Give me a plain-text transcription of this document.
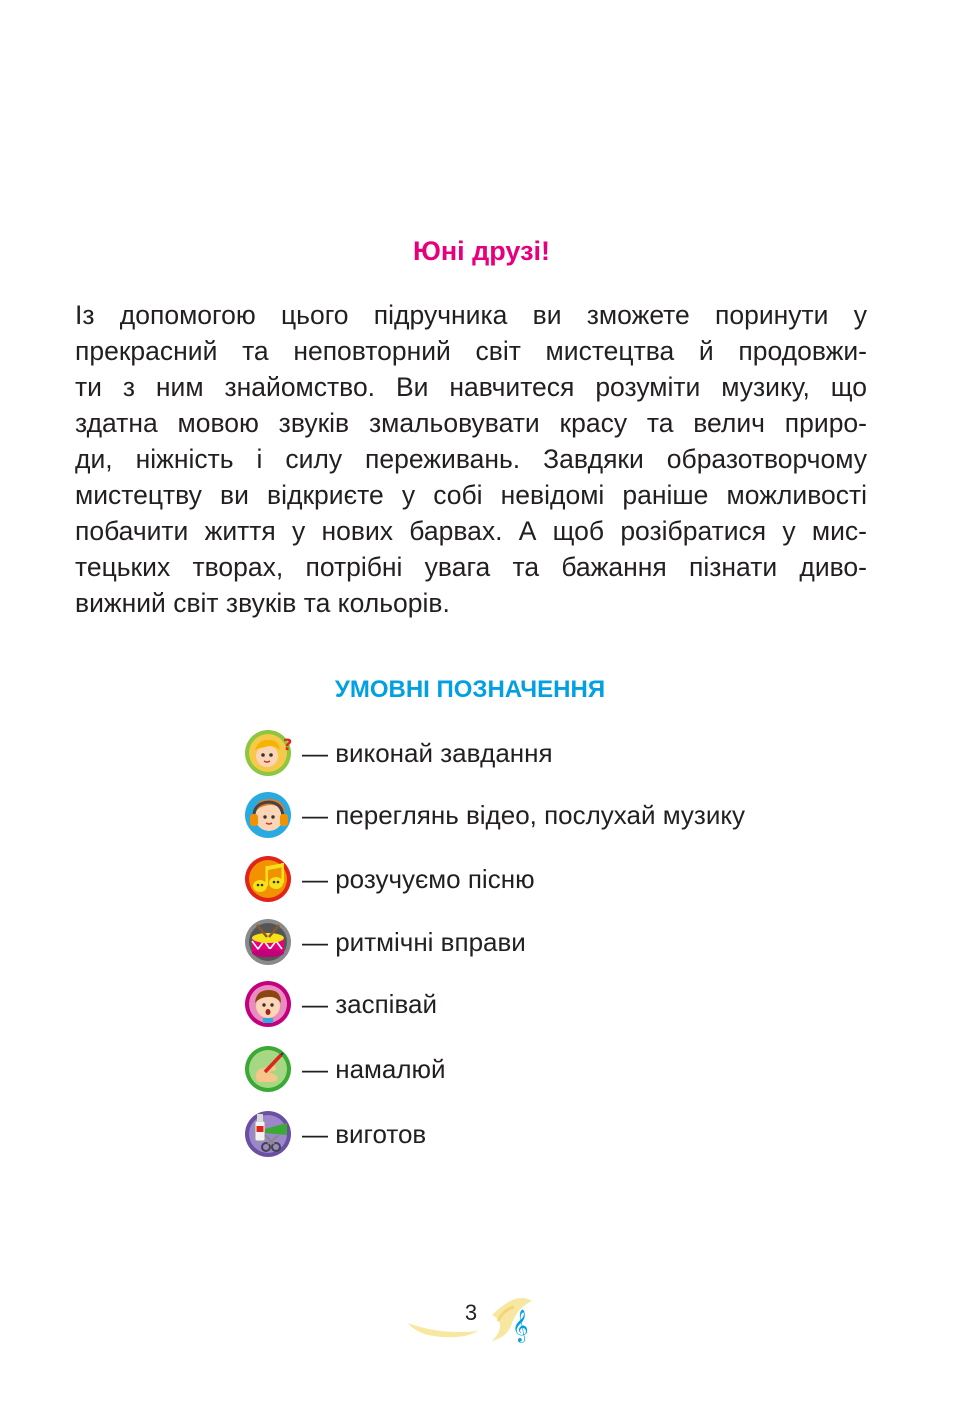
Юні друзі!
Із допомогою цього підручника ви зможете поринути у
прекрасний та неповторний світ мистецтва й продовжи-
ти з ним знайомство. Ви навчитеся розуміти музику, що
здатна мовою звуків змальовувати красу та велич приро-
ди, ніжність і силу переживань. Завдяки образотворчому
мистецтву ви відкриєте у собі невідомі раніше можливості
побачити життя у нових барвах. А щоб розібратися у мис-
тецьких творах, потрібні увага та бажання пізнати диво-
вижний світ звуків та кольорів.
УМОВНІ ПОЗНАЧЕННЯ
? — виконай завдання
— переглянь відео, послухай музику
— розучуємо пісню
— ритмічні вправи
— заспівай
— намалюй
— виготов
𝄞
3
